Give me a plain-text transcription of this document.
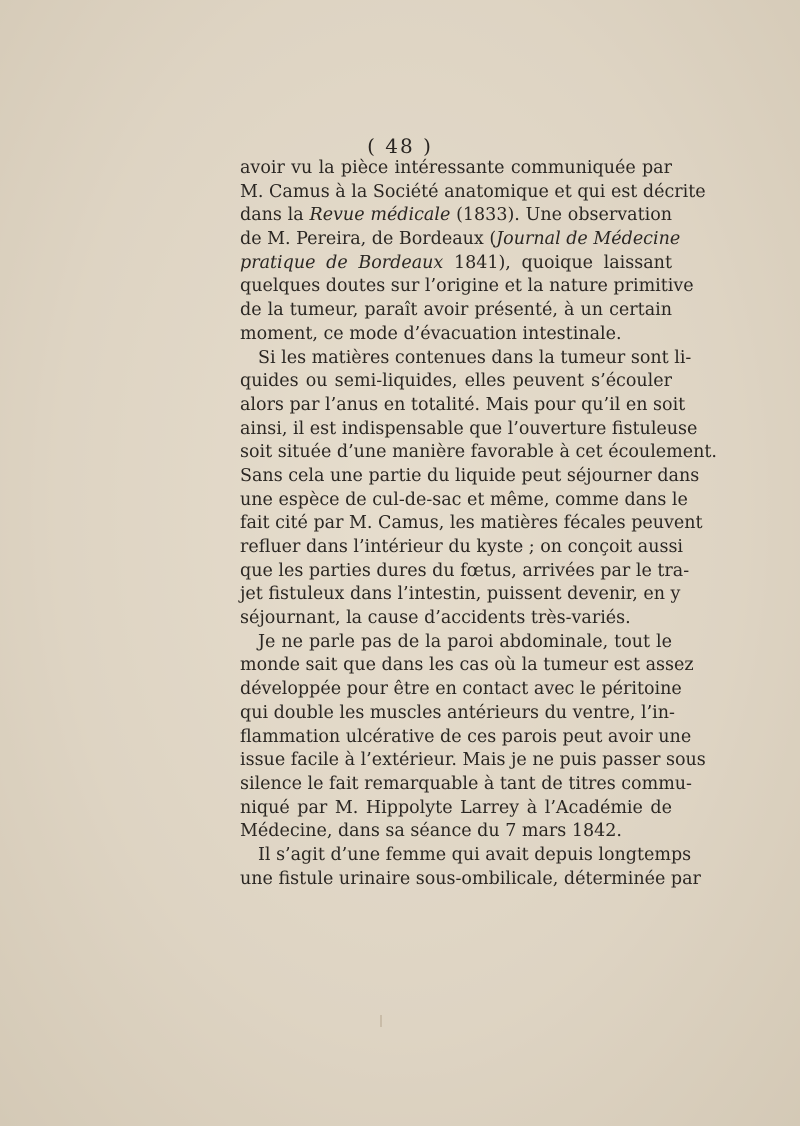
( 48 )
avoir vu la pièce intéressante communiquée par
M. Camus à la Société anatomique et qui est décrite
dans la Revue médicale (1833). Une observation
de M. Pereira, de Bordeaux (Journal de Médecine
pratique de Bordeaux 1841), quoique laissant
quelques doutes sur l’origine et la nature primitive
de la tumeur, paraît avoir présenté, à un certain
moment, ce mode d’évacuation intestinale.
Si les matières contenues dans la tumeur sont li-
quides ou semi-liquides, elles peuvent s’écouler
alors par l’anus en totalité. Mais pour qu’il en soit
ainsi, il est indispensable que l’ouverture fistuleuse
soit située d’une manière favorable à cet écoulement.
Sans cela une partie du liquide peut séjourner dans
une espèce de cul-de-sac et même, comme dans le
fait cité par M. Camus, les matières fécales peuvent
refluer dans l’intérieur du kyste ; on conçoit aussi
que les parties dures du fœtus, arrivées par le tra-
jet fistuleux dans l’intestin, puissent devenir, en y
séjournant, la cause d’accidents très-variés.
Je ne parle pas de la paroi abdominale, tout le
monde sait que dans les cas où la tumeur est assez
développée pour être en contact avec le péritoine
qui double les muscles antérieurs du ventre, l’in-
flammation ulcérative de ces parois peut avoir une
issue facile à l’extérieur. Mais je ne puis passer sous
silence le fait remarquable à tant de titres commu-
niqué par M. Hippolyte Larrey à l’Académie de
Médecine, dans sa séance du 7 mars 1842.
Il s’agit d’une femme qui avait depuis longtemps
une fistule urinaire sous-ombilicale, déterminée par
